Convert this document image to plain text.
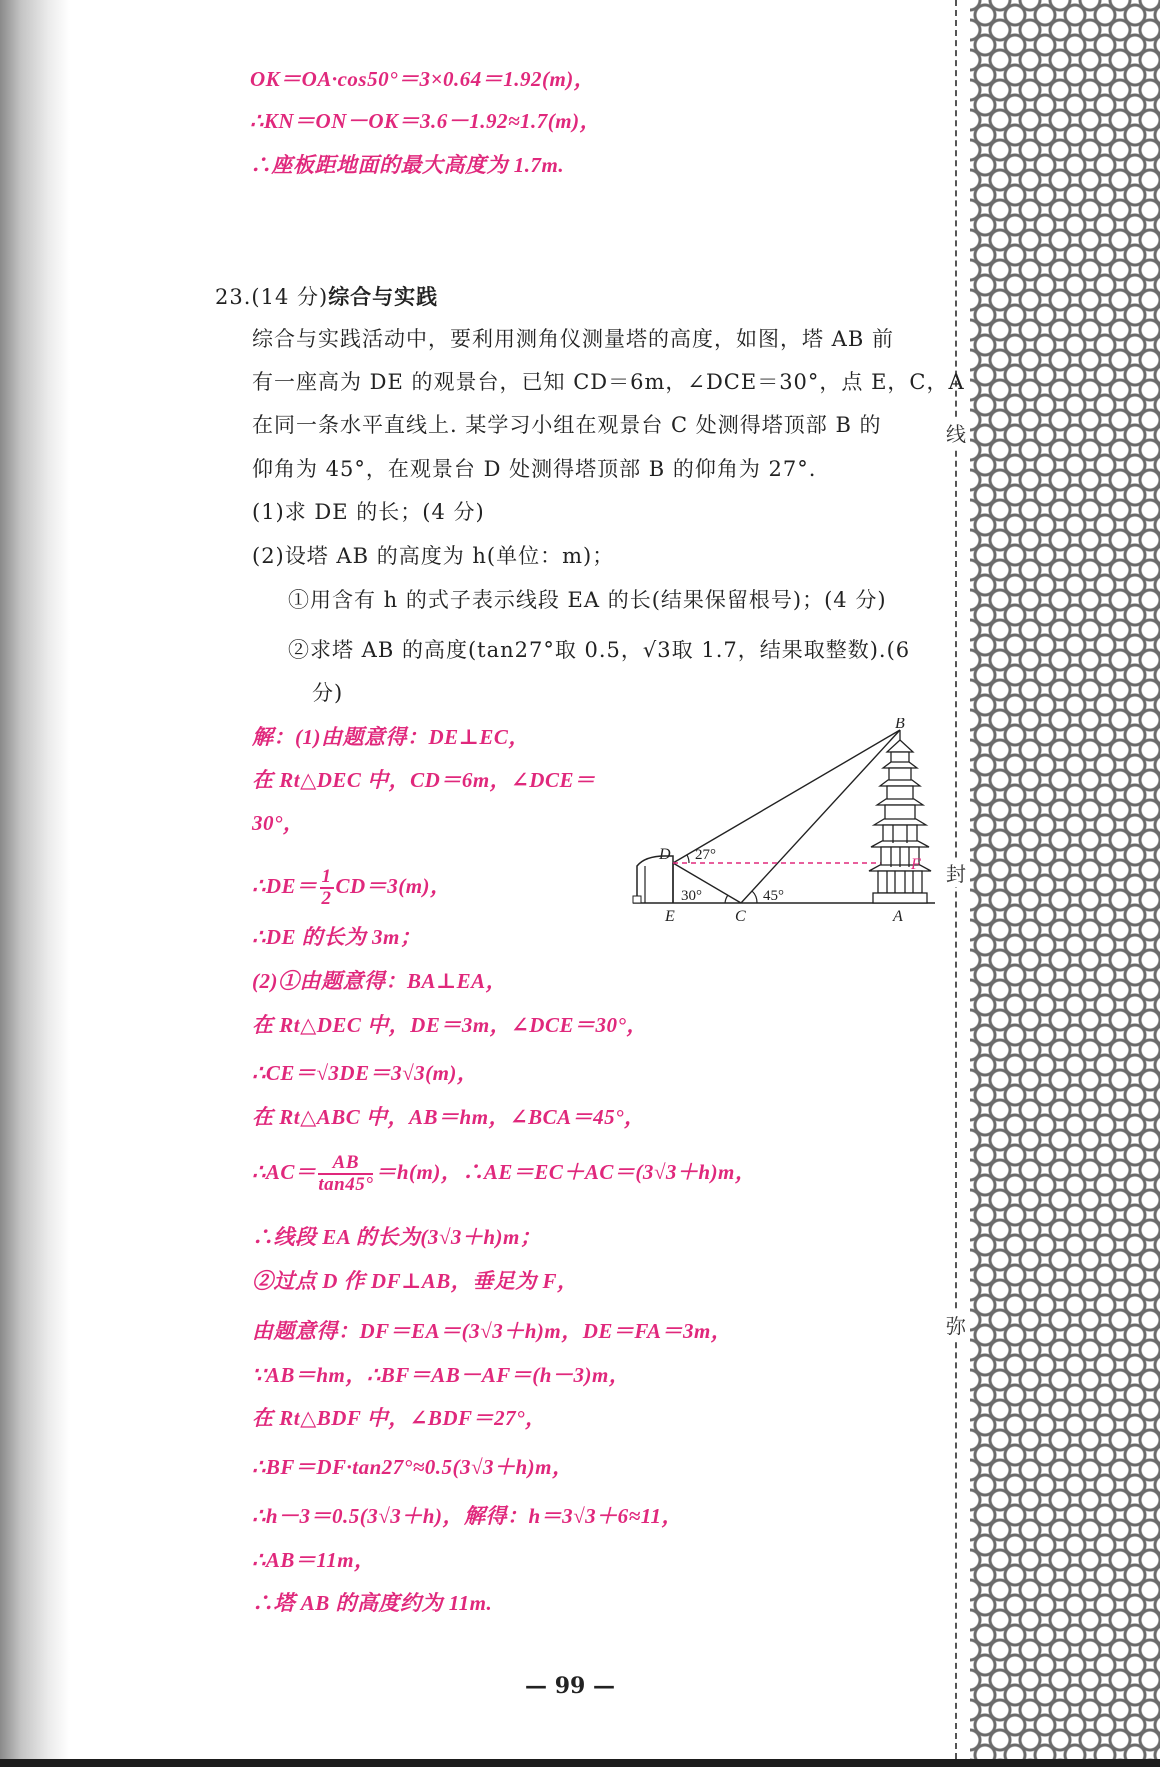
线
封
弥
OK＝OA·cos50°＝3×0.64＝1.92(m)，
∴KN＝ON－OK＝3.6－1.92≈1.7(m)，
∴座板距地面的最大高度为 1.7m.
23.(14 分)综合与实践
综合与实践活动中，要利用测角仪测量塔的高度，如图，塔 AB 前
有一座高为 DE 的观景台，已知 CD＝6m，∠DCE＝30°，点 E，C，A
在同一条水平直线上. 某学习小组在观景台 C 处测得塔顶部 B 的
仰角为 45°，在观景台 D 处测得塔顶部 B 的仰角为 27°.
(1)求 DE 的长；(4 分)
(2)设塔 AB 的高度为 h(单位：m)；
①用含有 h 的式子表示线段 EA 的长(结果保留根号)；(4 分)
②求塔 AB 的高度(tan27°取 0.5，√3取 1.7，结果取整数).(6
分)
解：(1)由题意得：DE⊥EC，
在 Rt△DEC 中，CD＝6m，∠DCE＝
30°，
∴DE＝ $\frac{1}{2} CD=3(m)$，
∴DE 的长为 3m；
(2)①由题意得：BA⊥EA，
在 Rt△DEC 中，DE＝3m，∠DCE＝30°，
∴CE＝√3DE＝3√3(m)，
在 Rt△ABC 中，AB＝hm，∠BCA＝45°，
∴AC＝ $\frac{AB}{\tan 45^\circ} =h(m)$，∴AE＝EC＋AC＝(3√3＋h)m，
∴线段 EA 的长为(3√3＋h)m；
②过点 D 作 DF⊥AB，垂足为 F，
由题意得：DF＝EA＝(3√3＋h)m，DE＝FA＝3m，
∵AB＝hm，∴BF＝AB－AF＝(h－3)m，
在 Rt△BDF 中，∠BDF＝27°，
∴BF＝DF·tan27°≈0.5(3√3＋h)m，
∴h－3＝0.5(3√3＋h)，解得：h＝3√3＋6≈11，
∴AB＝11m，
∴塔 AB 的高度约为 11m.
B
D
F
E	C	A
27°
30°	45°
— 99 —
